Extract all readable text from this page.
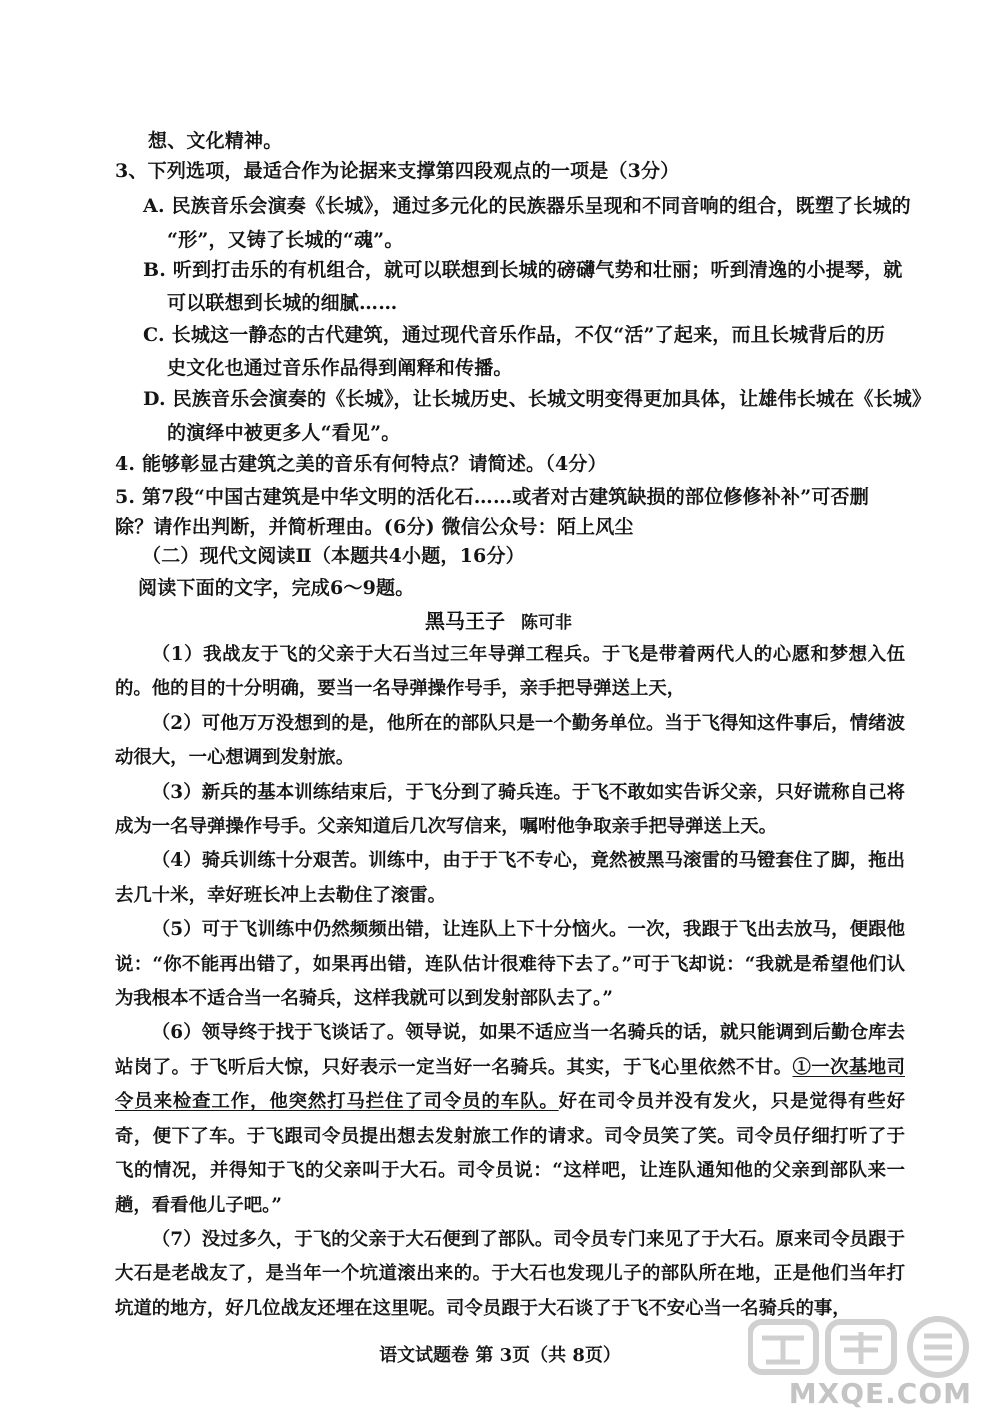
想、文化精神。
3、下列选项，最适合作为论据来支撑第四段观点的一项是（3分）
A. 民族音乐会演奏《长城》，通过多元化的民族器乐呈现和不同音响的组合，既塑了长城的
“形”，又铸了长城的“魂”。
B. 听到打击乐的有机组合，就可以联想到长城的磅礴气势和壮丽；听到清逸的小提琴，就
可以联想到长城的细腻……
C. 长城这一静态的古代建筑，通过现代音乐作品，不仅“活”了起来，而且长城背后的历
史文化也通过音乐作品得到阐释和传播。
D. 民族音乐会演奏的《长城》，让长城历史、长城文明变得更加具体，让雄伟长城在《长城》
的演绎中被更多人“看见”。
4. 能够彰显古建筑之美的音乐有何特点？请简述。（4分）
5. 第7段“中国古建筑是中华文明的活化石……或者对古建筑缺损的部位修修补补”可否删
除？请作出判断，并简析理由。(6分) 微信公众号：陌上风尘
（二）现代文阅读Ⅱ（本题共4小题，16分）
阅读下面的文字，完成6～9题。
黑马王子 陈可非

（1）我战友于飞的父亲于大石当过三年导弹工程兵。于飞是带着两代人的心愿和梦想入伍的。他的目的十分明确，要当一名导弹操作号手，亲手把导弹送上天，

（2）可他万万没想到的是，他所在的部队只是一个勤务单位。当于飞得知这件事后，情绪波动很大，一心想调到发射旅。

（3）新兵的基本训练结束后，于飞分到了骑兵连。于飞不敢如实告诉父亲，只好谎称自己将成为一名导弹操作号手。父亲知道后几次写信来，嘱咐他争取亲手把导弹送上天。

（4）骑兵训练十分艰苦。训练中，由于于飞不专心，竟然被黑马滚雷的马镫套住了脚，拖出去几十米，幸好班长冲上去勒住了滚雷。

（5）可于飞训练中仍然频频出错，让连队上下十分恼火。一次，我跟于飞出去放马，便跟他说：“你不能再出错了，如果再出错，连队估计很难待下去了。”可于飞却说：“我就是希望他们认为我根本不适合当一名骑兵，这样我就可以到发射部队去了。”

（6）领导终于找于飞谈话了。领导说，如果不适应当一名骑兵的话，就只能调到后勤仓库去站岗了。于飞听后大惊，只好表示一定当好一名骑兵。其实，于飞心里依然不甘。①一次基地司令员来检查工作，他突然打马拦住了司令员的车队。好在司令员并没有发火，只是觉得有些好奇，便下了车。于飞跟司令员提出想去发射旅工作的请求。司令员笑了笑。司令员仔细打听了于飞的情况，并得知于飞的父亲叫于大石。司令员说：“这样吧，让连队通知他的父亲到部队来一趟，看看他儿子吧。”

（7）没过多久，于飞的父亲于大石便到了部队。司令员专门来见了于大石。原来司令员跟于大石是老战友了，是当年一个坑道滚出来的。于大石也发现儿子的部队所在地，正是他们当年打坑道的地方，好几位战友还埋在这里呢。司令员跟于大石谈了于飞不安心当一名骑兵的事，

语文试题卷 第 3页（共 8页）
MXQE.COM
